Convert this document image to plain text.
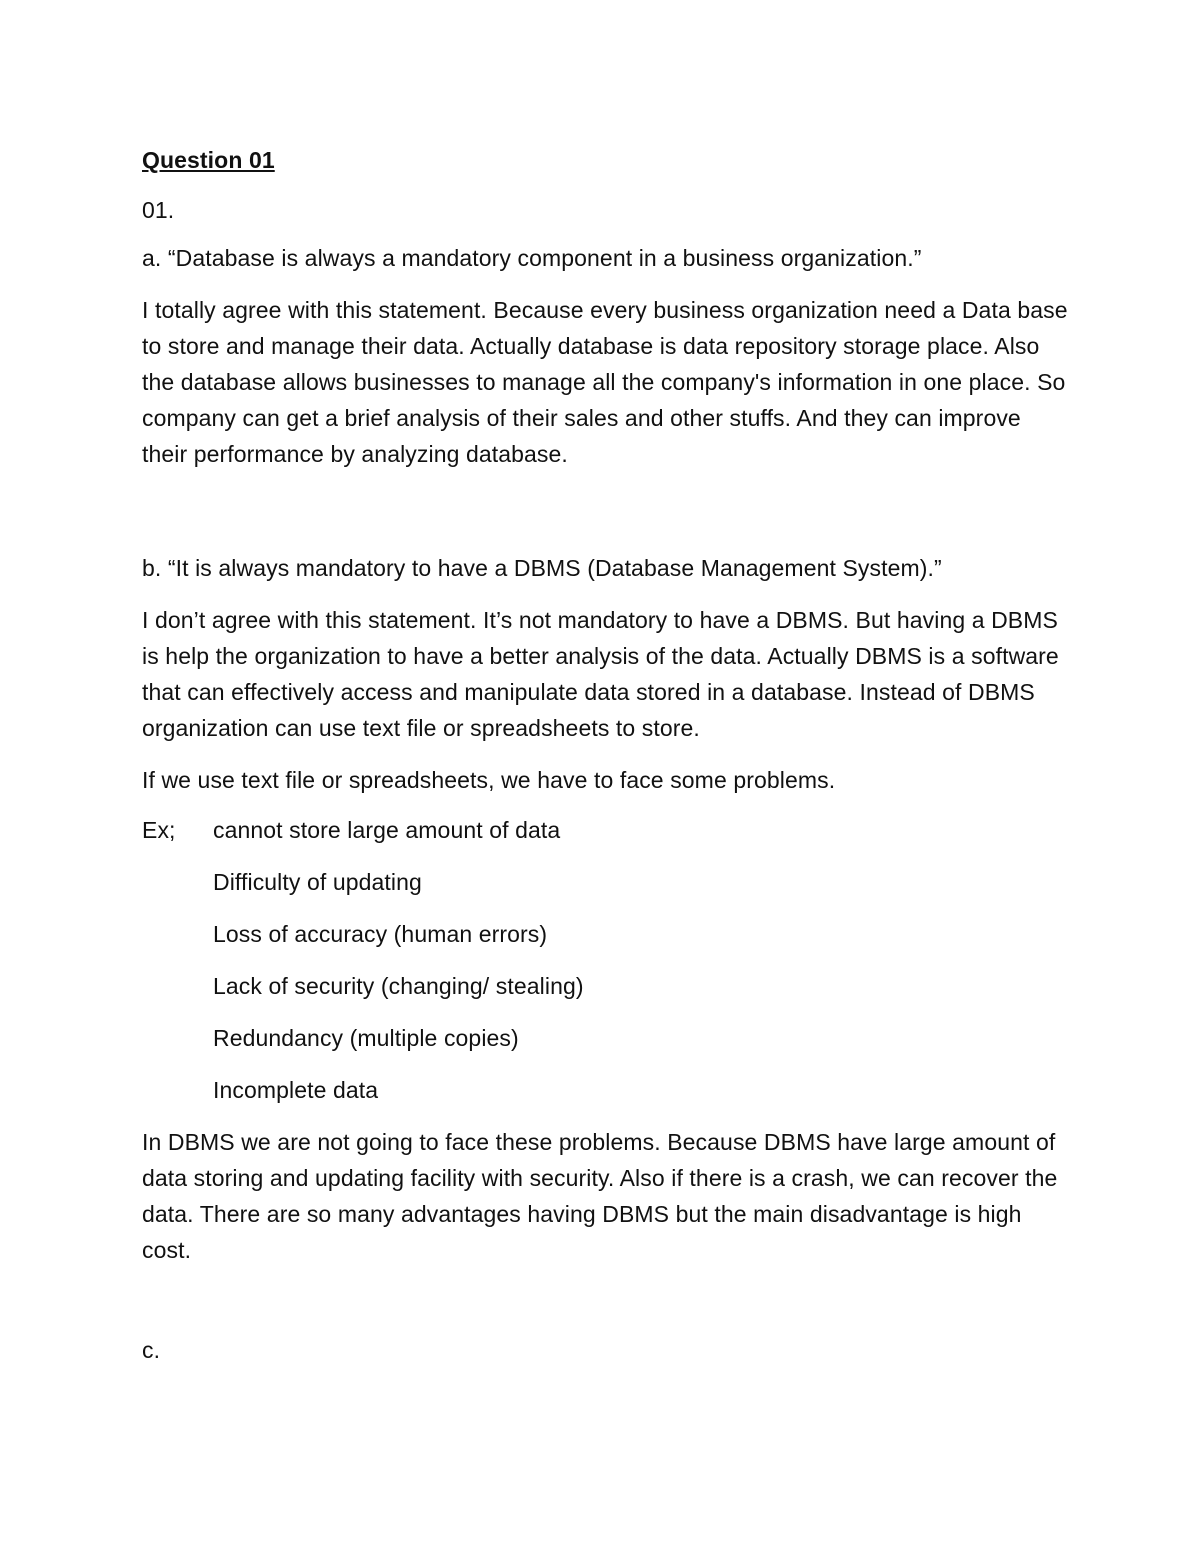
Question 01

01.

a. “Database is always a mandatory component in a business organization.”

I totally agree with this statement. Because every business organization need a Data base to store and manage their data. Actually database is data repository storage place. Also the database allows businesses to manage all the company's information in one place. So company can get a brief analysis of their sales and other stuffs. And they can improve their performance by analyzing database.

b. “It is always mandatory to have a DBMS (Database Management System).”

I don’t agree with this statement. It’s not mandatory to have a DBMS. But having a DBMS is help the organization to have a better analysis of the data. Actually DBMS is a software that can effectively access and manipulate data stored in a database. Instead of DBMS organization can use text file or spreadsheets to store.

If we use text file or spreadsheets, we have to face some problems.

Ex;	cannot store large amount of data
Difficulty of updating
Loss of accuracy (human errors)
Lack of security (changing/ stealing)
Redundancy (multiple copies)
Incomplete data

In DBMS we are not going to face these problems. Because DBMS have large amount of data storing and updating facility with security. Also if there is a crash, we can recover the data. There are so many advantages having DBMS but the main disadvantage is high cost.

c.
